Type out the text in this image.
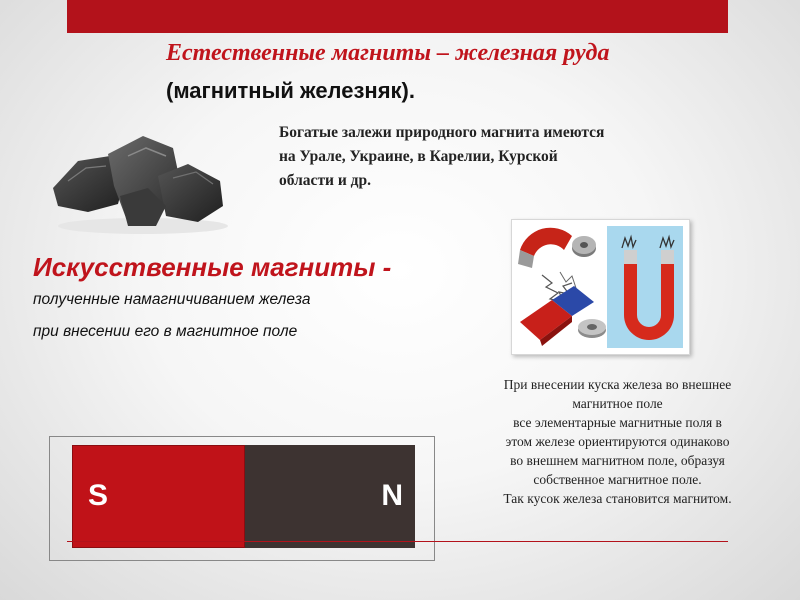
Естественные магниты – железная руда
(магнитный железняк).
Богатые залежи природного магнита имеются
на Урале, Украине, в Карелии, Курской
области и др.
Искусственные магниты -
полученные намагничиванием железа
при внесении его в магнитное поле
При внесении куска железа во внешнее
магнитное поле
все элементарные магнитные поля в
этом железе ориентируются одинаково
во внешнем магнитном поле, образуя
собственное магнитное поле.
Так кусок железа становится магнитом.
S	N
